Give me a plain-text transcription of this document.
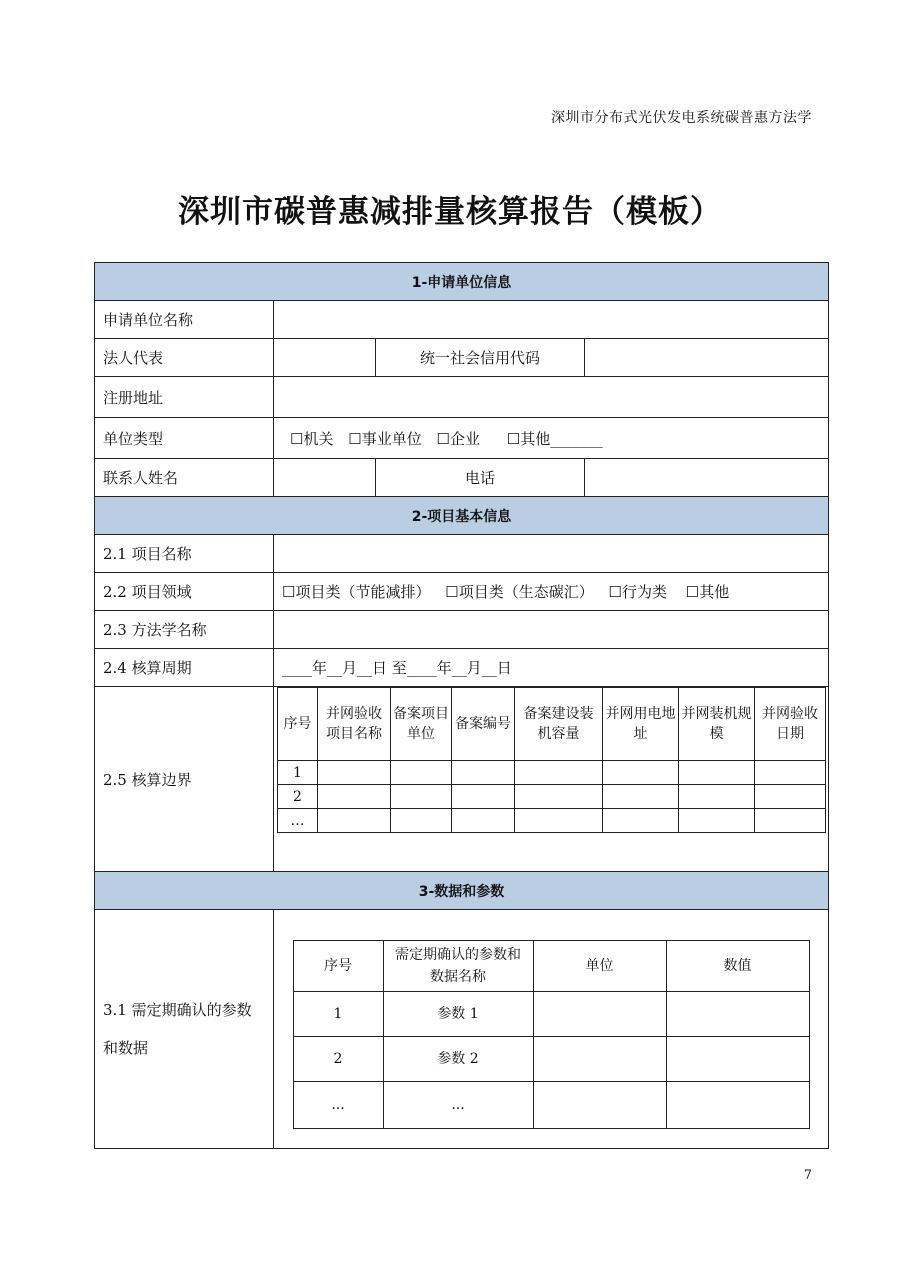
深圳市分布式光伏发电系统碳普惠方法学
深圳市碳普惠减排量核算报告（模板）
1-申请单位信息
申请单位名称	
法人代表		统一社会信用代码	
注册地址	
单位类型	☐机关 ☐ 事业单位 ☐ 企业	☐ 其他_______
联系人姓名		电话	
2-项目基本信息
2.1 项目名称	
2.2 项目领域	☐项目类（节能减排） ☐ 项目类（生态碳汇） ☐ 行为类 ☐ 其他
2.3 方法学名称	
2.4 核算周期	____年__月__日 至____年__月__日
2.5 核算边界	
序号	并网验收项目名称	备案项目单位	备案编号	备案建设装机容量	并网用电地址	并网装机规模	并网验收日期
1							
2							
…							

3-数据和参数
3.1 需定期确认的参数和数据	
序号	需定期确认的参数和数据名称	单位	数值
1	参数 1		
2	参数 2		
...	...		
7
